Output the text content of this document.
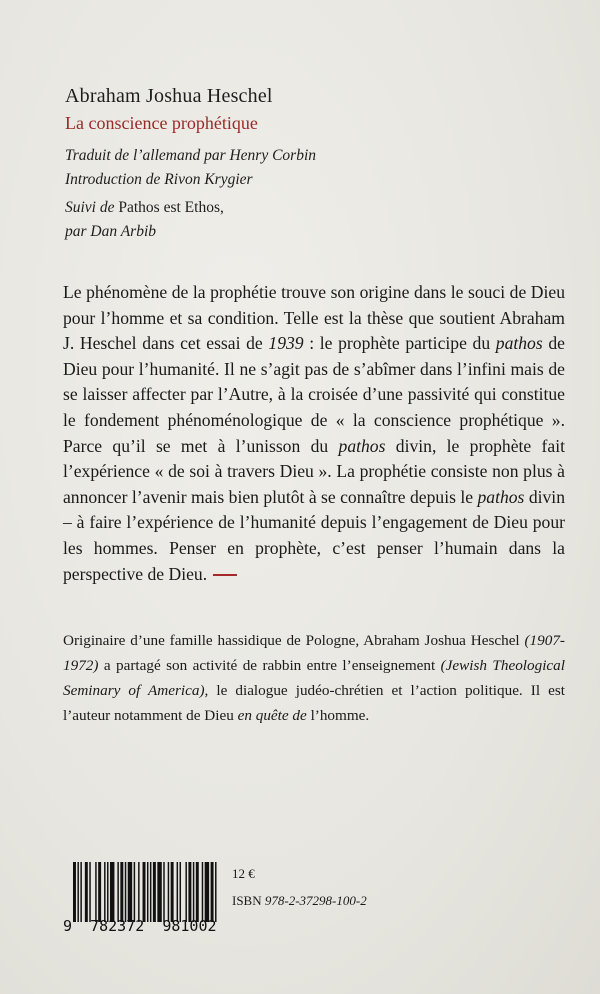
Abraham Joshua Heschel

La conscience prophétique

Traduit de l’allemand par Henry Corbin

Introduction de Rivon Krygier

Suivi de Pathos est Ethos,

par Dan Arbib

Le phénomène de la prophétie trouve son origine dans le souci de Dieu pour l’homme et sa condition. Telle est la thèse que soutient Abraham J. Heschel dans cet essai de 1939 : le prophète participe du pathos de Dieu pour l’humanité. Il ne s’agit pas de s’abîmer dans l’infini mais de se laisser affecter par l’Autre, à la croisée d’une passivité qui constitue le fondement phénoménologique de « la conscience prophétique ». Parce qu’il se met à l’unisson du pathos divin, le prophète fait l’expérience « de soi à travers Dieu ». La prophétie consiste non plus à annoncer l’avenir mais bien plutôt à se connaître depuis le pathos divin – à faire l’expérience de l’humanité depuis l’engagement de Dieu pour les hommes. Penser en prophète, c’est penser l’humain dans la perspective de Dieu.

Originaire d’une famille hassidique de Pologne, Abraham Joshua Heschel (1907-1972) a partagé son activité de rabbin entre l’enseignement (Jewish Theological Seminary of America), le dialogue judéo-chrétien et l’action politique. Il est l’auteur notamment de Dieu en quête de l’homme.

9  782372  981002
12 €
ISBN 978-2-37298-100-2
